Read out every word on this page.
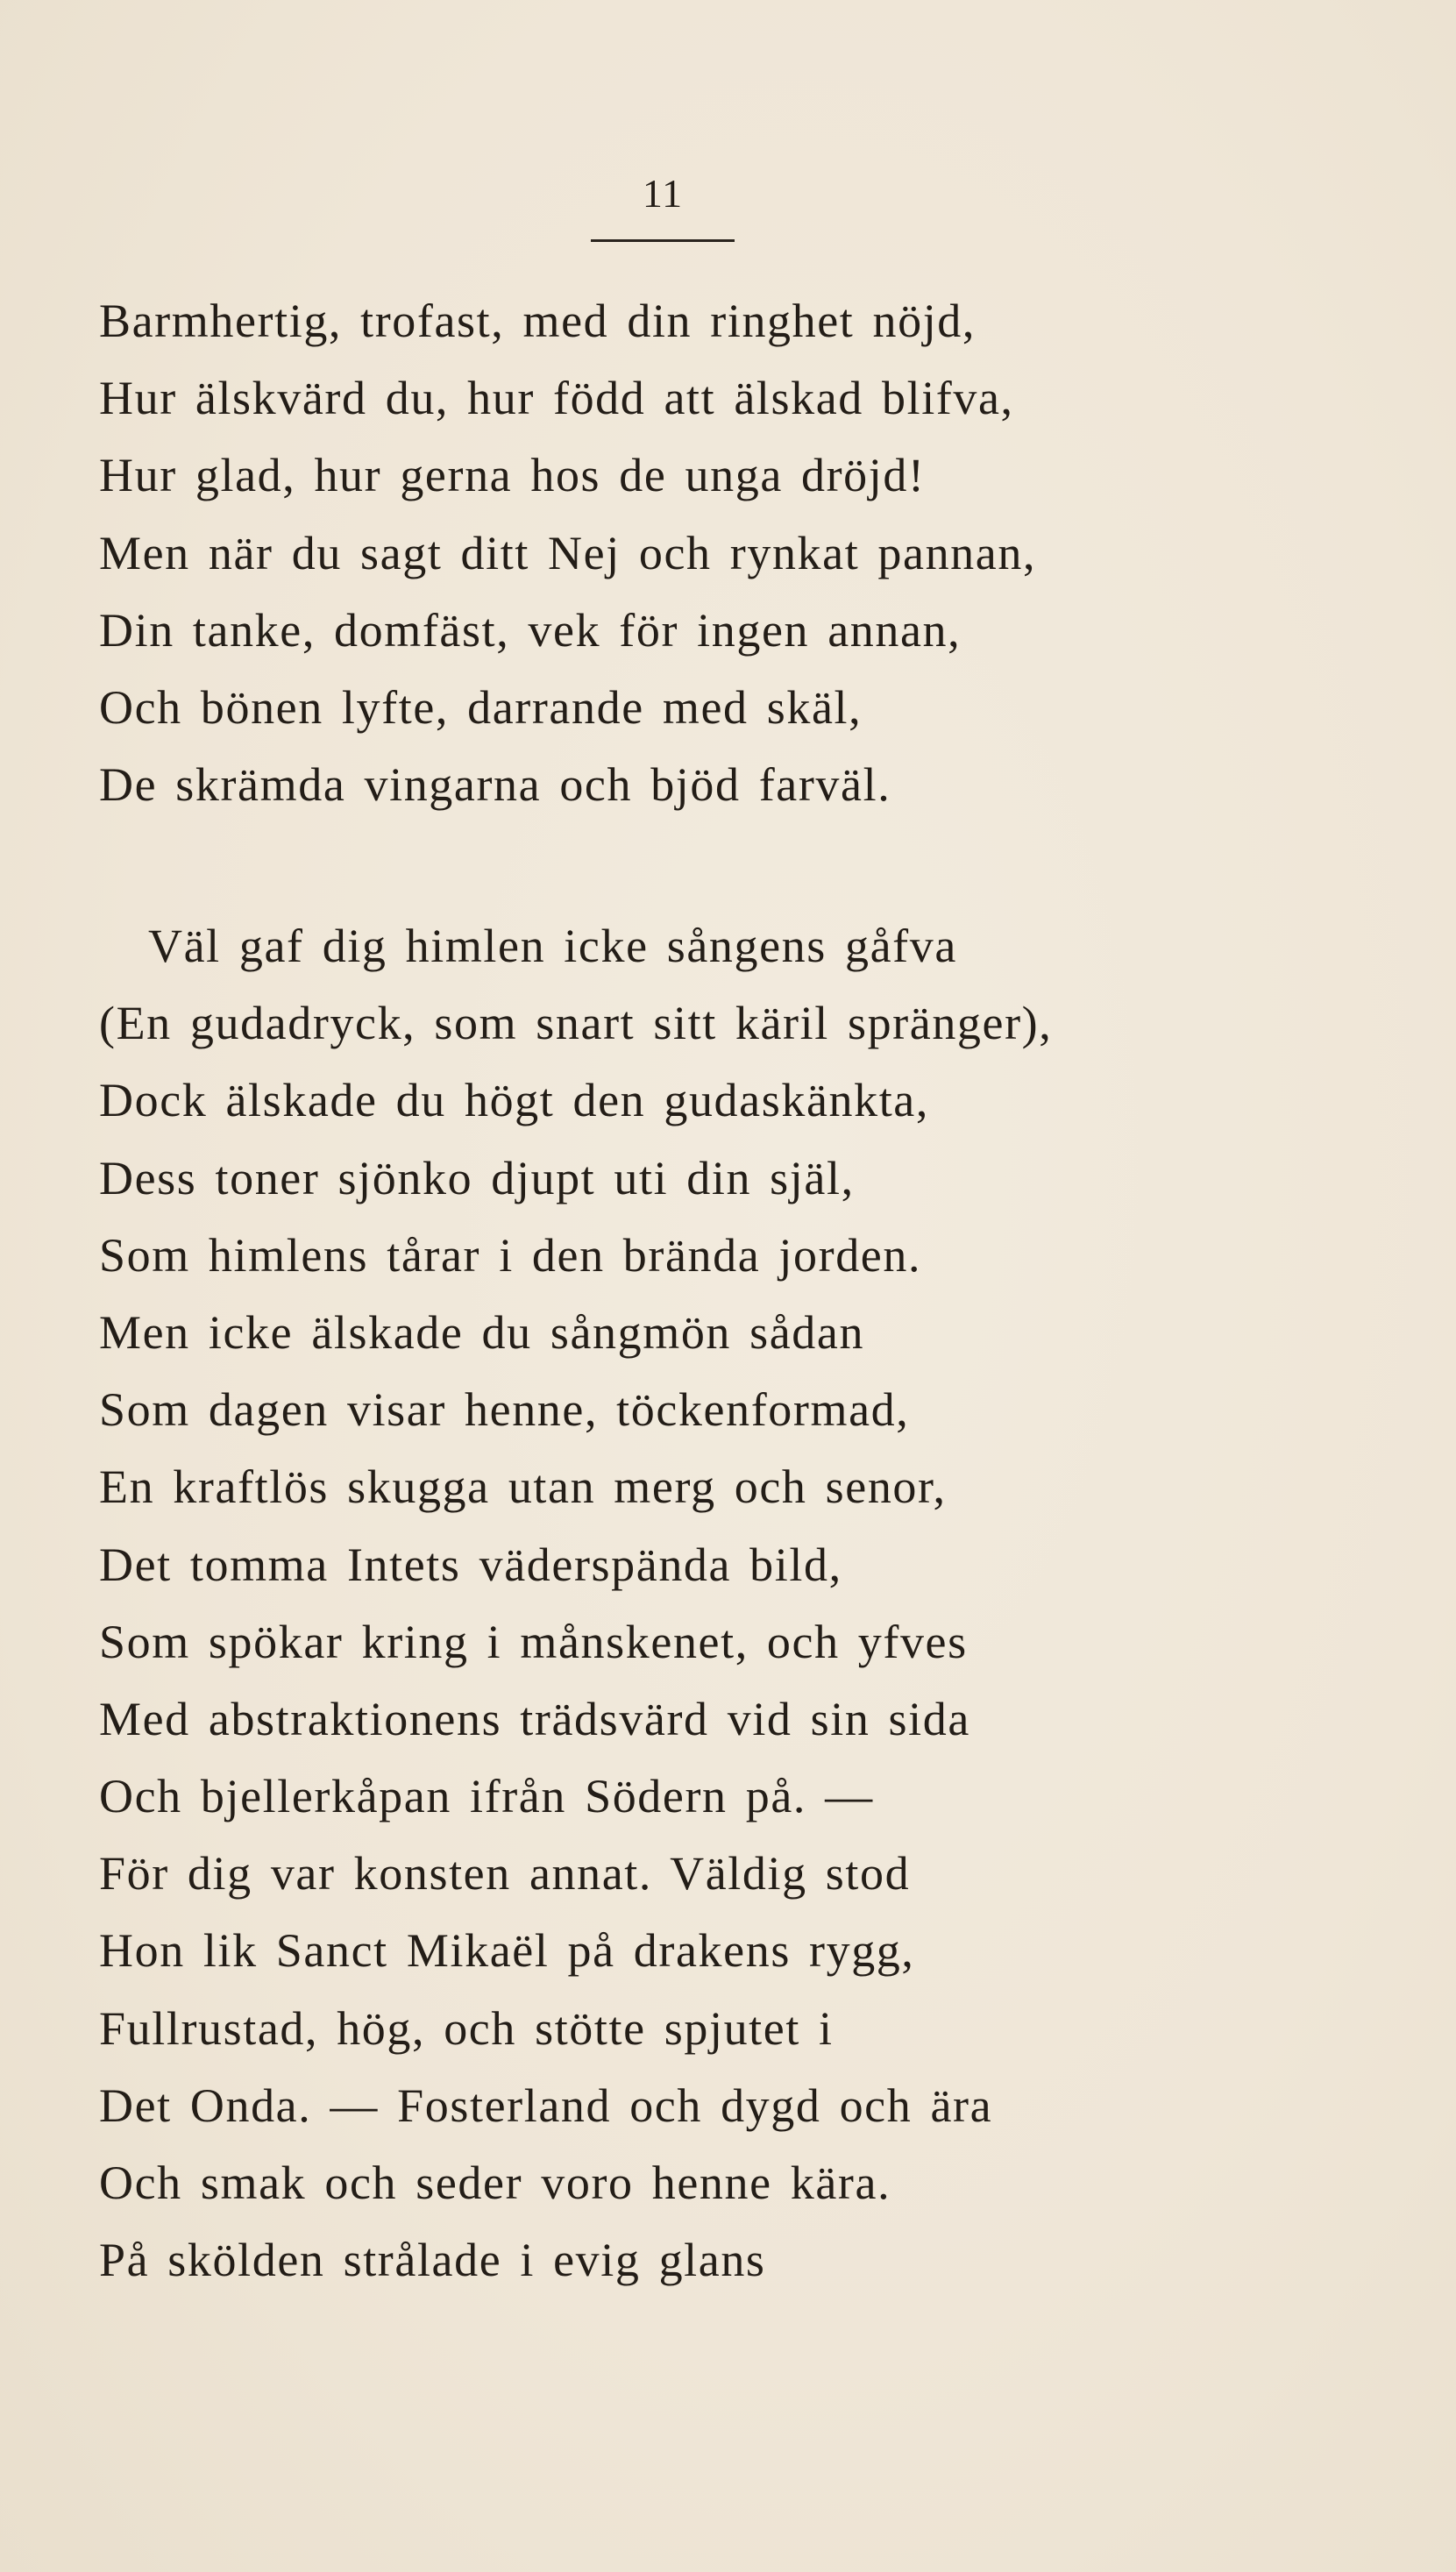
11
Barmhertig, trofast, med din ringhet nöjd,
Hur älskvärd du, hur född att älskad blifva,
Hur glad, hur gerna hos de unga dröjd!
Men när du sagt ditt Nej och rynkat pannan,
Din tanke, domfäst, vek för ingen annan,
Och bönen lyfte, darrande med skäl,
De skrämda vingarna och bjöd farväl.
Väl gaf dig himlen icke sångens gåfva
(En gudadryck, som snart sitt käril spränger),
Dock älskade du högt den gudaskänkta,
Dess toner sjönko djupt uti din själ,
Som himlens tårar i den brända jorden.
Men icke älskade du sångmön sådan
Som dagen visar henne, töckenformad,
En kraftlös skugga utan merg och senor,
Det tomma Intets väderspända bild,
Som spökar kring i månskenet, och yfves
Med abstraktionens trädsvärd vid sin sida
Och bjellerkåpan ifrån Södern på. —
För dig var konsten annat. Väldig stod
Hon lik Sanct Mikaël på drakens rygg,
Fullrustad, hög, och stötte spjutet i
Det Onda. — Fosterland och dygd och ära
Och smak och seder voro henne kära.
På skölden strålade i evig glans
